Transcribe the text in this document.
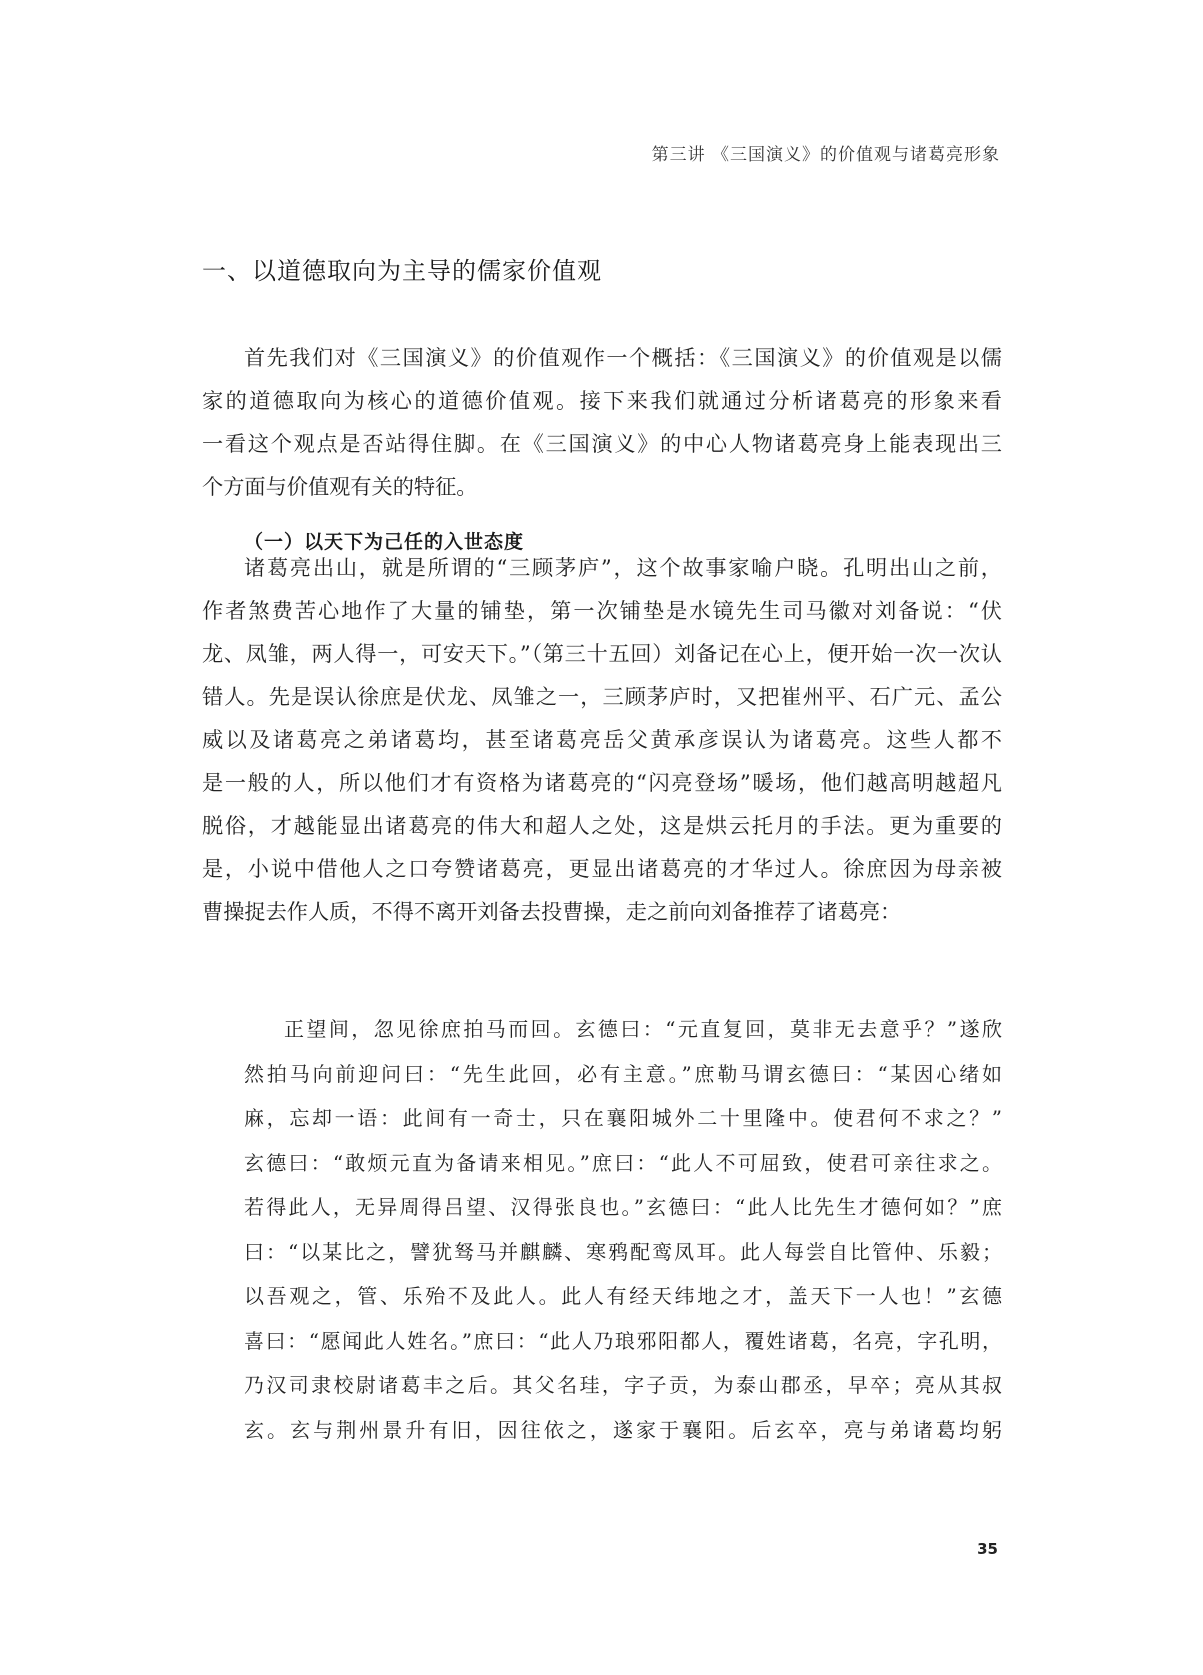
第三讲 《三国演义》的价值观与诸葛亮形象
一、以道德取向为主导的儒家价值观
首先我们对《三国演义》的价值观作一个概括：《三国演义》的价值观是以儒
家的道德取向为核心的道德价值观。接下来我们就通过分析诸葛亮的形象来看
一看这个观点是否站得住脚。在《三国演义》的中心人物诸葛亮身上能表现出三
个方面与价值观有关的特征。
（一）以天下为己任的入世态度
诸葛亮出山，就是所谓的“三顾茅庐”，这个故事家喻户晓。孔明出山之前，
作者煞费苦心地作了大量的铺垫，第一次铺垫是水镜先生司马徽对刘备说：“伏
龙、凤雏，两人得一，可安天下。”（第三十五回）刘备记在心上，便开始一次一次认
错人。先是误认徐庶是伏龙、凤雏之一，三顾茅庐时，又把崔州平、石广元、孟公
威以及诸葛亮之弟诸葛均，甚至诸葛亮岳父黄承彦误认为诸葛亮。这些人都不
是一般的人，所以他们才有资格为诸葛亮的“闪亮登场”暖场，他们越高明越超凡
脱俗，才越能显出诸葛亮的伟大和超人之处，这是烘云托月的手法。更为重要的
是，小说中借他人之口夸赞诸葛亮，更显出诸葛亮的才华过人。徐庶因为母亲被
曹操捉去作人质，不得不离开刘备去投曹操，走之前向刘备推荐了诸葛亮：
正望间，忽见徐庶拍马而回。玄德曰：“元直复回，莫非无去意乎？”遂欣
然拍马向前迎问曰：“先生此回，必有主意。”庶勒马谓玄德曰：“某因心绪如
麻，忘却一语：此间有一奇士，只在襄阳城外二十里隆中。使君何不求之？”
玄德曰：“敢烦元直为备请来相见。”庶曰：“此人不可屈致，使君可亲往求之。
若得此人，无异周得吕望、汉得张良也。”玄德曰：“此人比先生才德何如？”庶
曰：“以某比之，譬犹驽马并麒麟、寒鸦配鸾凤耳。此人每尝自比管仲、乐毅；
以吾观之，管、乐殆不及此人。此人有经天纬地之才，盖天下一人也！”玄德
喜曰：“愿闻此人姓名。”庶曰：“此人乃琅邪阳都人，覆姓诸葛，名亮，字孔明，
乃汉司隶校尉诸葛丰之后。其父名珪，字子贡，为泰山郡丞，早卒；亮从其叔
玄。玄与荆州景升有旧，因往依之，遂家于襄阳。后玄卒，亮与弟诸葛均躬
35
